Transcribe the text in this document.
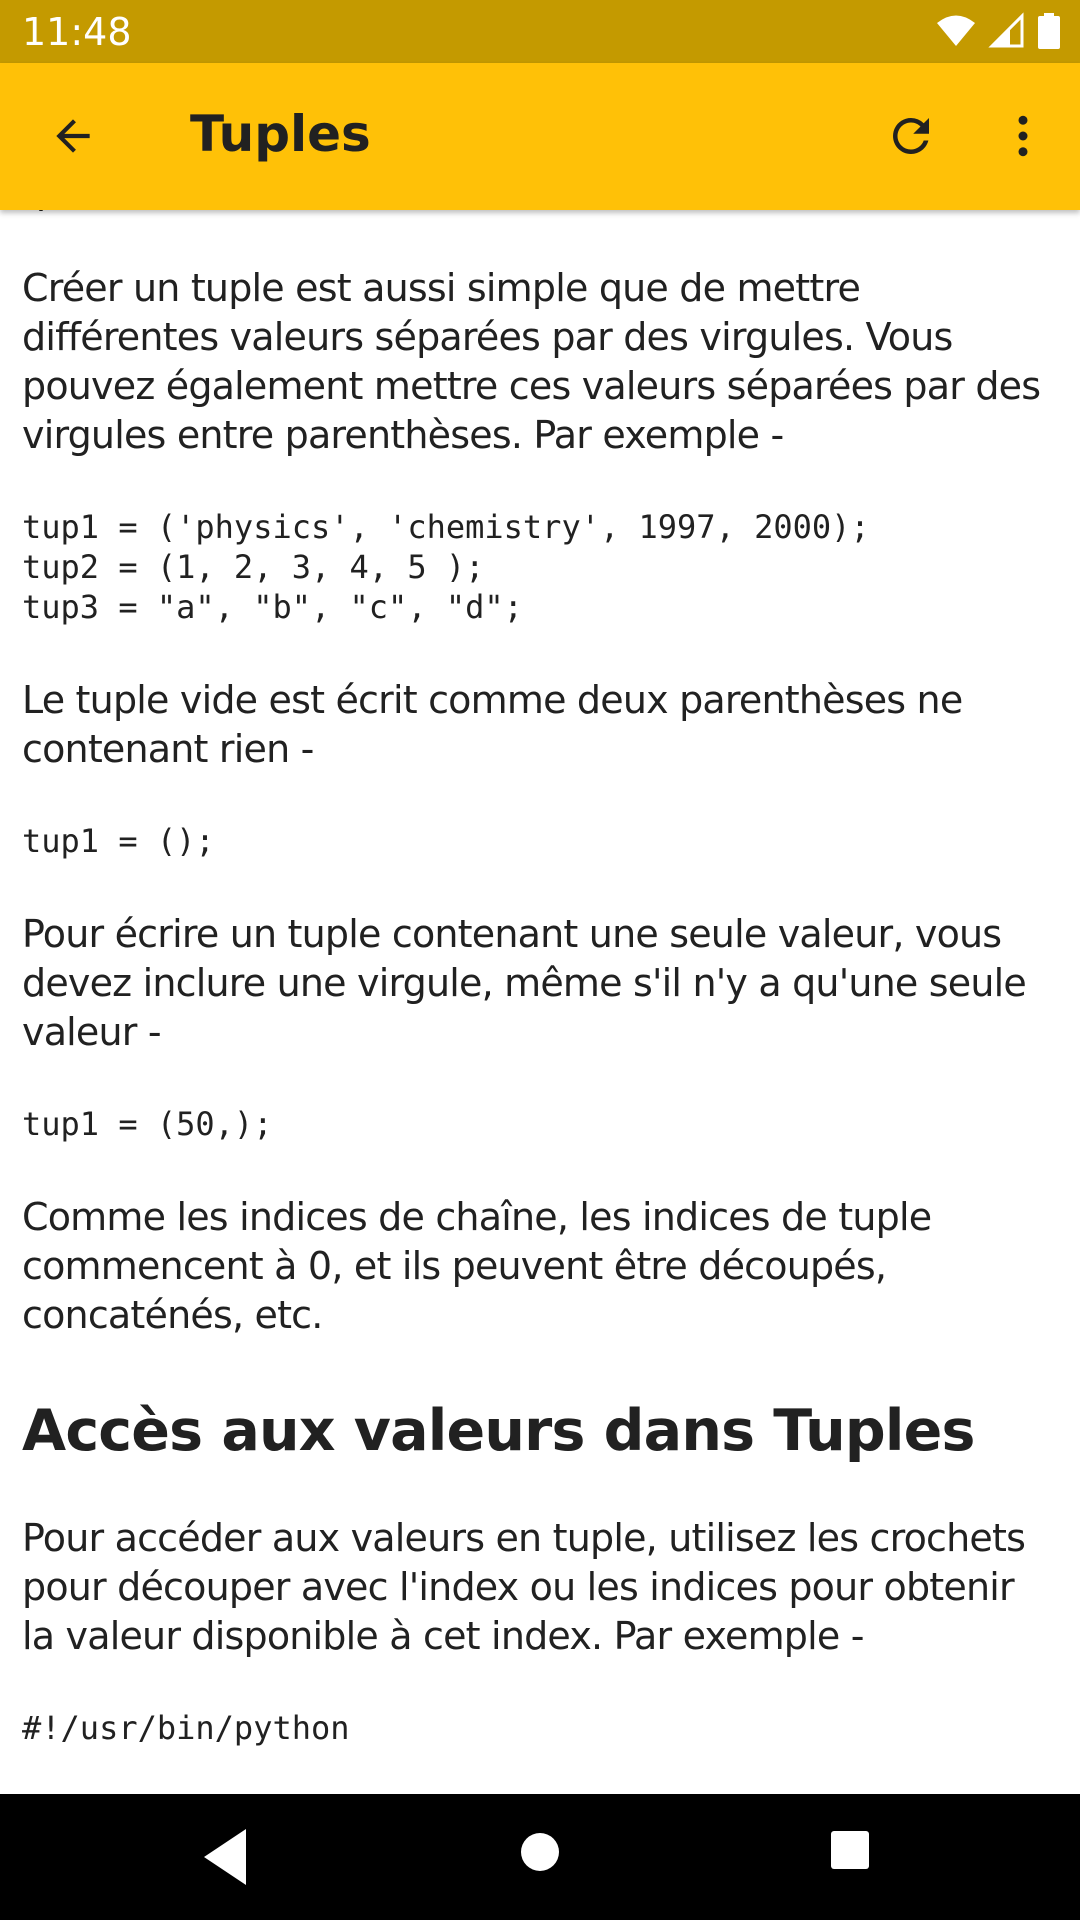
11:48
Tuples

Créer un tuple est aussi simple que de mettre

différentes valeurs séparées par des virgules. Vous

pouvez également mettre ces valeurs séparées par des

virgules entre parenthèses. Par exemple -

tup1 = ('physics', 'chemistry', 1997, 2000);
tup2 = (1, 2, 3, 4, 5 );
tup3 = "a", "b", "c", "d";

Le tuple vide est écrit comme deux parenthèses ne

contenant rien -

tup1 = ();

Pour écrire un tuple contenant une seule valeur, vous

devez inclure une virgule, même s'il n'y a qu'une seule

valeur -

tup1 = (50,);

Comme les indices de chaîne, les indices de tuple

commencent à 0, et ils peuvent être découpés,

concaténés, etc.

Accès aux valeurs dans Tuples

Pour accéder aux valeurs en tuple, utilisez les crochets

pour découper avec l'index ou les indices pour obtenir

la valeur disponible à cet index. Par exemple -

#!/usr/bin/python
